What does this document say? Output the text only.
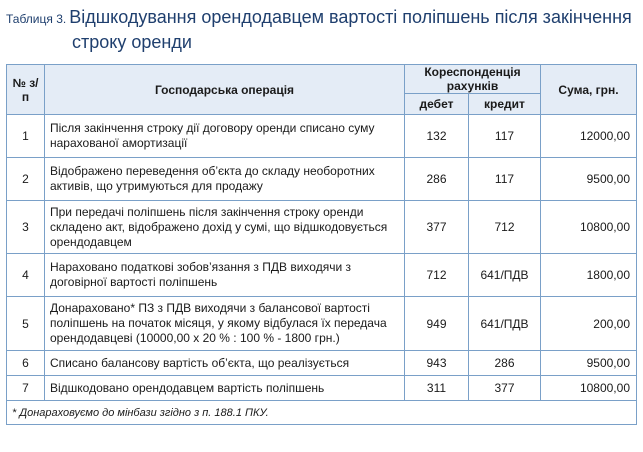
Таблиця 3. Відшкодування орендодавцем вартості поліпшень після закінчення
строку оренди
№ з/п	Господарська операція	Кореспонденція рахунків		Сума, грн.
		дебет	кредит	
1	Після закінчення строку дії договору оренди списано суму нарахованої амортизації	132	117	12000,00
2	Відображено переведення об’єкта до складу необоротних активів, що утримуються для продажу	286	117	9500,00
3	При передачі поліпшень після закінчення строку оренди складено акт, відображено дохід у сумі, що відшкодовується орендодавцем	377	712	10800,00
4	Нараховано податкові зобов’язання з ПДВ виходячи з договірної вартості поліпшень	712	641/ПДВ	1800,00
5	Донараховано* ПЗ з ПДВ виходячи з балансової вартості поліпшень на початок місяця, у якому відбулася їх передача орендодавцеві (10000,00 х 20 % : 100 % - 1800 грн.)	949	641/ПДВ	200,00
6	Списано балансову вартість об’єкта, що реалізується	943	286	9500,00
7	Відшкодовано орендодавцем вартість поліпшень	311	377	10800,00
* Донараховуємо до мінбази згідно з п. 188.1 ПКУ.				
